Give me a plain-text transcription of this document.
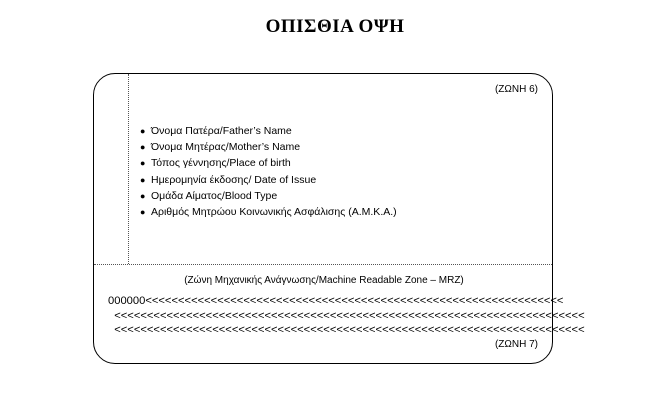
ΟΠΙΣΘΙΑ ΟΨΗ
(ΖΩΝΗ 6)
● Όνομα Πατέρα/Father’s Name
● Όνομα Μητέρας/Mother’s Name
● Τόπος γέννησης/Place of birth
● Ημερομηνία έκδοσης/ Date of Issue
● Ομάδα Αίματος/Blood Type
● Αριθμός Μητρώου Κοινωνικής Ασφάλισης (Α.Μ.Κ.Α.)
(Ζώνη Μηχανικής Ανάγνωσης/Machine Readable Zone – MRZ)
000000<<<<<<<<<<<<<<<<<<<<<<<<<<<<<<<<<<<<<<<<<<<<<<<<<<<<<<<<<<<<<<<<
<<<<<<<<<<<<<<<<<<<<<<<<<<<<<<<<<<<<<<<<<<<<<<<<<<<<<<<<<<<<<<<<<<<<<<<<
<<<<<<<<<<<<<<<<<<<<<<<<<<<<<<<<<<<<<<<<<<<<<<<<<<<<<<<<<<<<<<<<<<<<<<<<
(ΖΩΝΗ 7)
